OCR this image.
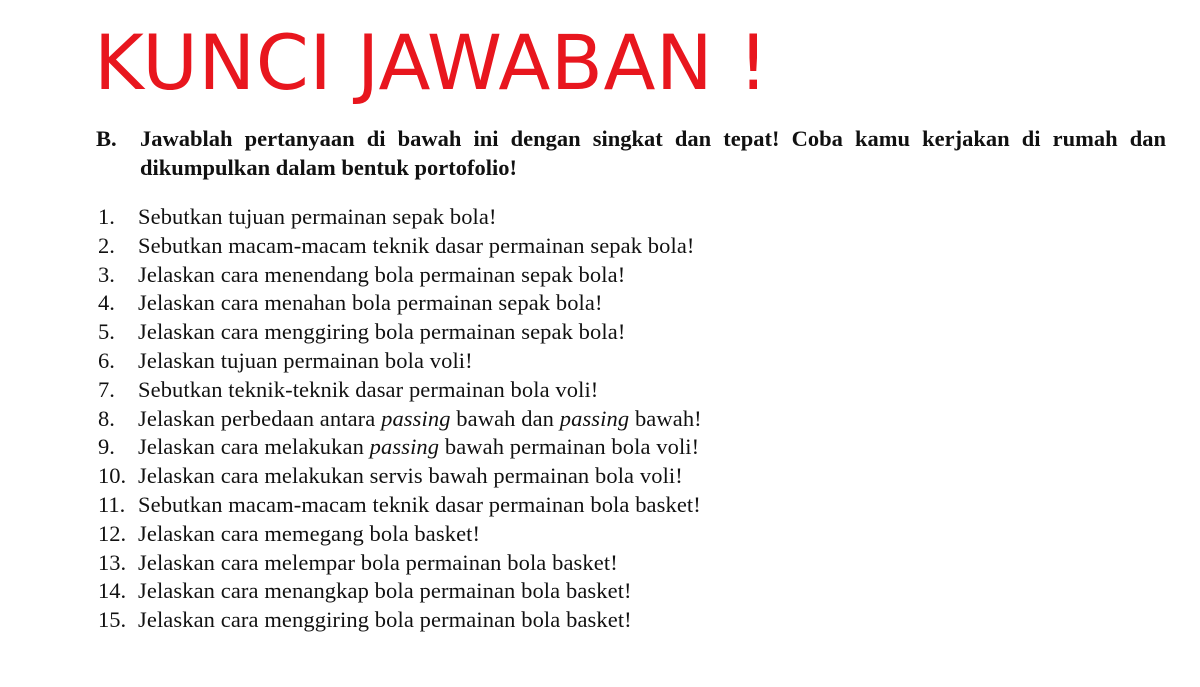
KUNCI JAWABAN !
B.	Jawablah pertanyaan di bawah ini dengan singkat dan tepat! Coba kamu kerjakan di rumah dan dikumpulkan dalam bentuk portofolio!
1.	Sebutkan tujuan permainan sepak bola!
2.	Sebutkan macam-macam teknik dasar permainan sepak bola!
3.	Jelaskan cara menendang bola permainan sepak bola!
4.	Jelaskan cara menahan bola permainan sepak bola!
5.	Jelaskan cara menggiring bola permainan sepak bola!
6.	Jelaskan tujuan permainan bola voli!
7.	Sebutkan teknik-teknik dasar permainan bola voli!
8.	Jelaskan perbedaan antara passing bawah dan passing bawah!
9.	Jelaskan cara melakukan passing bawah permainan bola voli!
10. Jelaskan cara melakukan servis bawah permainan bola voli!
11. Sebutkan macam-macam teknik dasar permainan bola basket!
12. Jelaskan cara memegang bola basket!
13. Jelaskan cara melempar bola permainan bola basket!
14. Jelaskan cara menangkap bola permainan bola basket!
15. Jelaskan cara menggiring bola permainan bola basket!
